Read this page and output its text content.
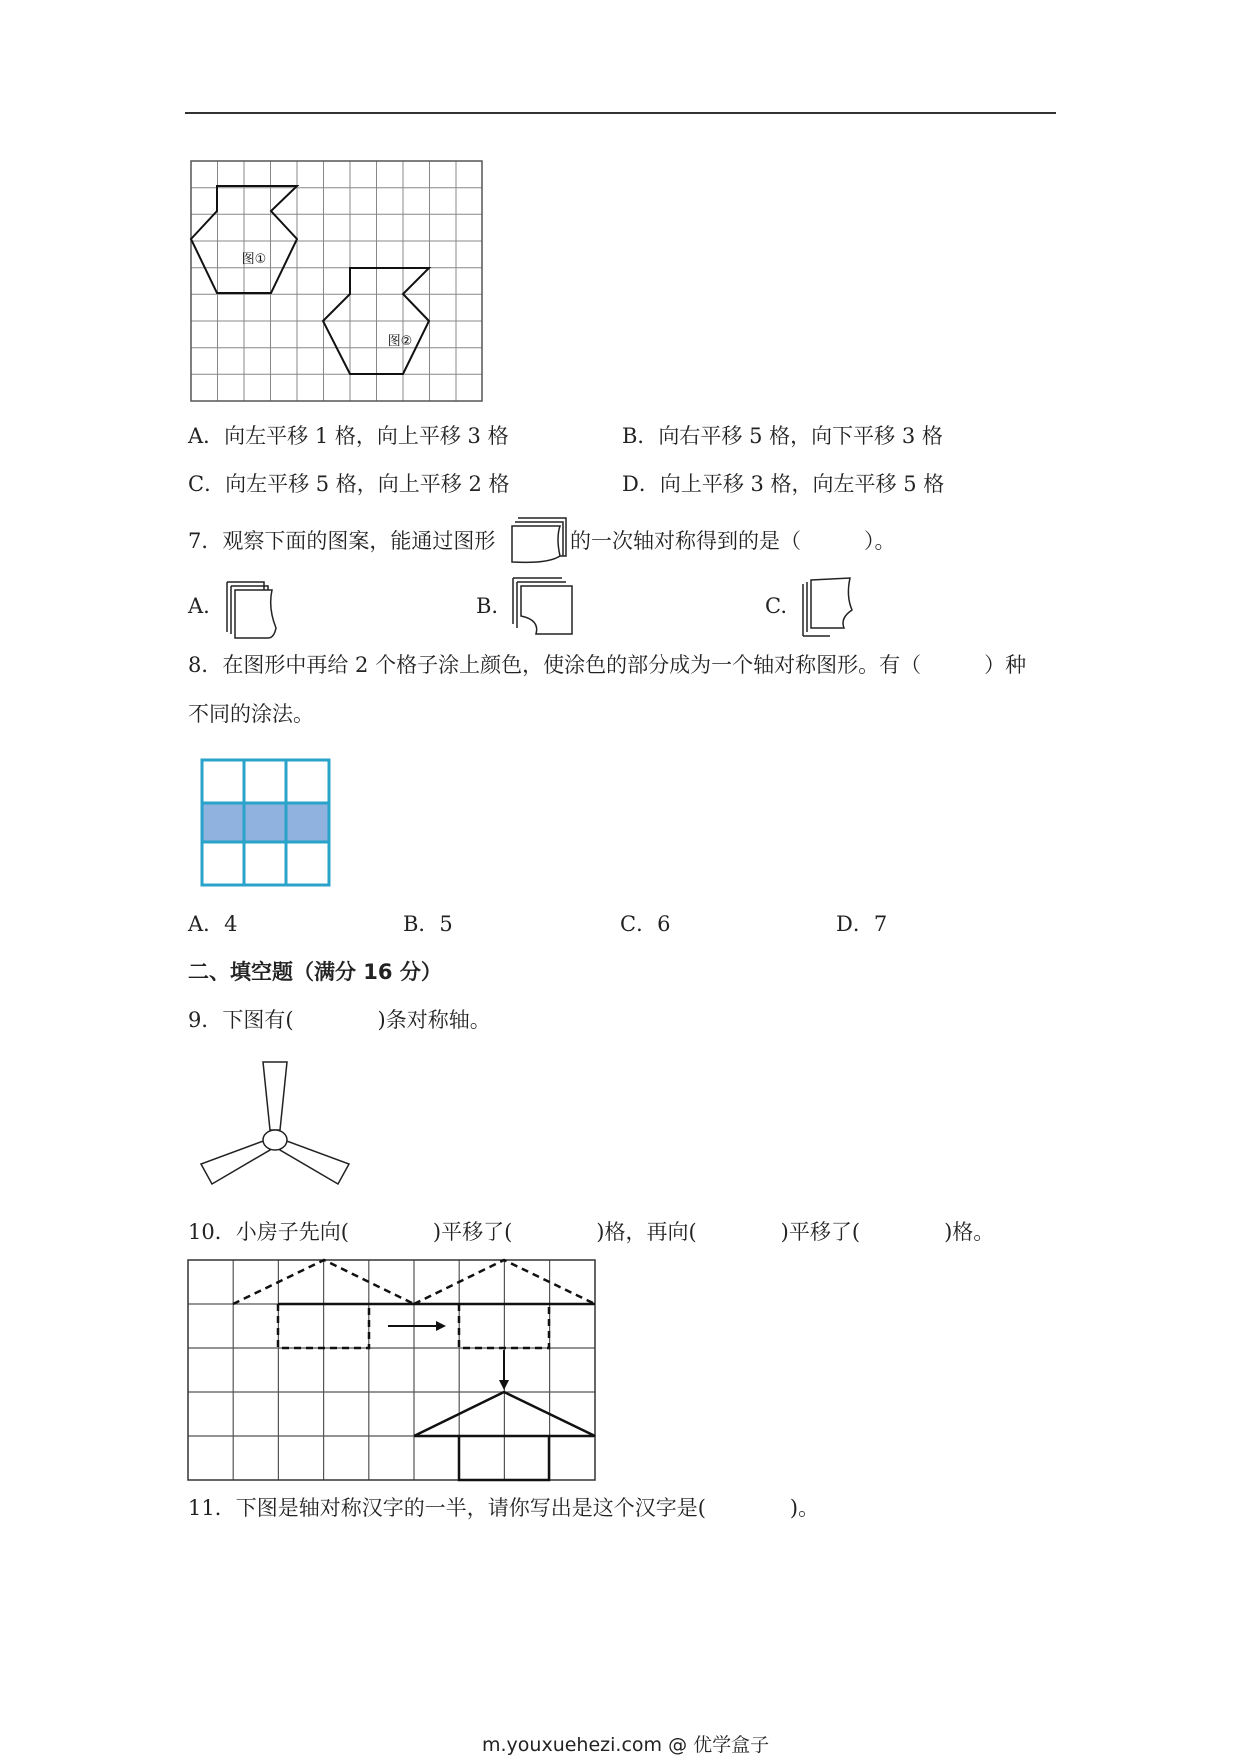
图①
图②
A．向左平移 1 格，向上平移 3 格	B．向右平移 5 格，向下平移 3 格
C．向左平移 5 格，向上平移 2 格	D．向上平移 3 格，向左平移 5 格
7．观察下面的图案，能通过图形	的一次轴对称得到的是（　　　）。
A.	B.	C.
8．在图形中再给 2 个格子涂上颜色，使涂色的部分成为一个轴对称图形。有（　　　）种
不同的涂法。
A．4	B．5	C．6	D．7
二、填空题（满分 16 分）
9．下图有(　　　　)条对称轴。
10．小房子先向(　　　　)平移了(　　　　)格，再向(　　　　)平移了(　　　　)格。
11．下图是轴对称汉字的一半，请你写出是这个汉字是(　　　　)。
m.youxuehezi.com @ 优学盒子
